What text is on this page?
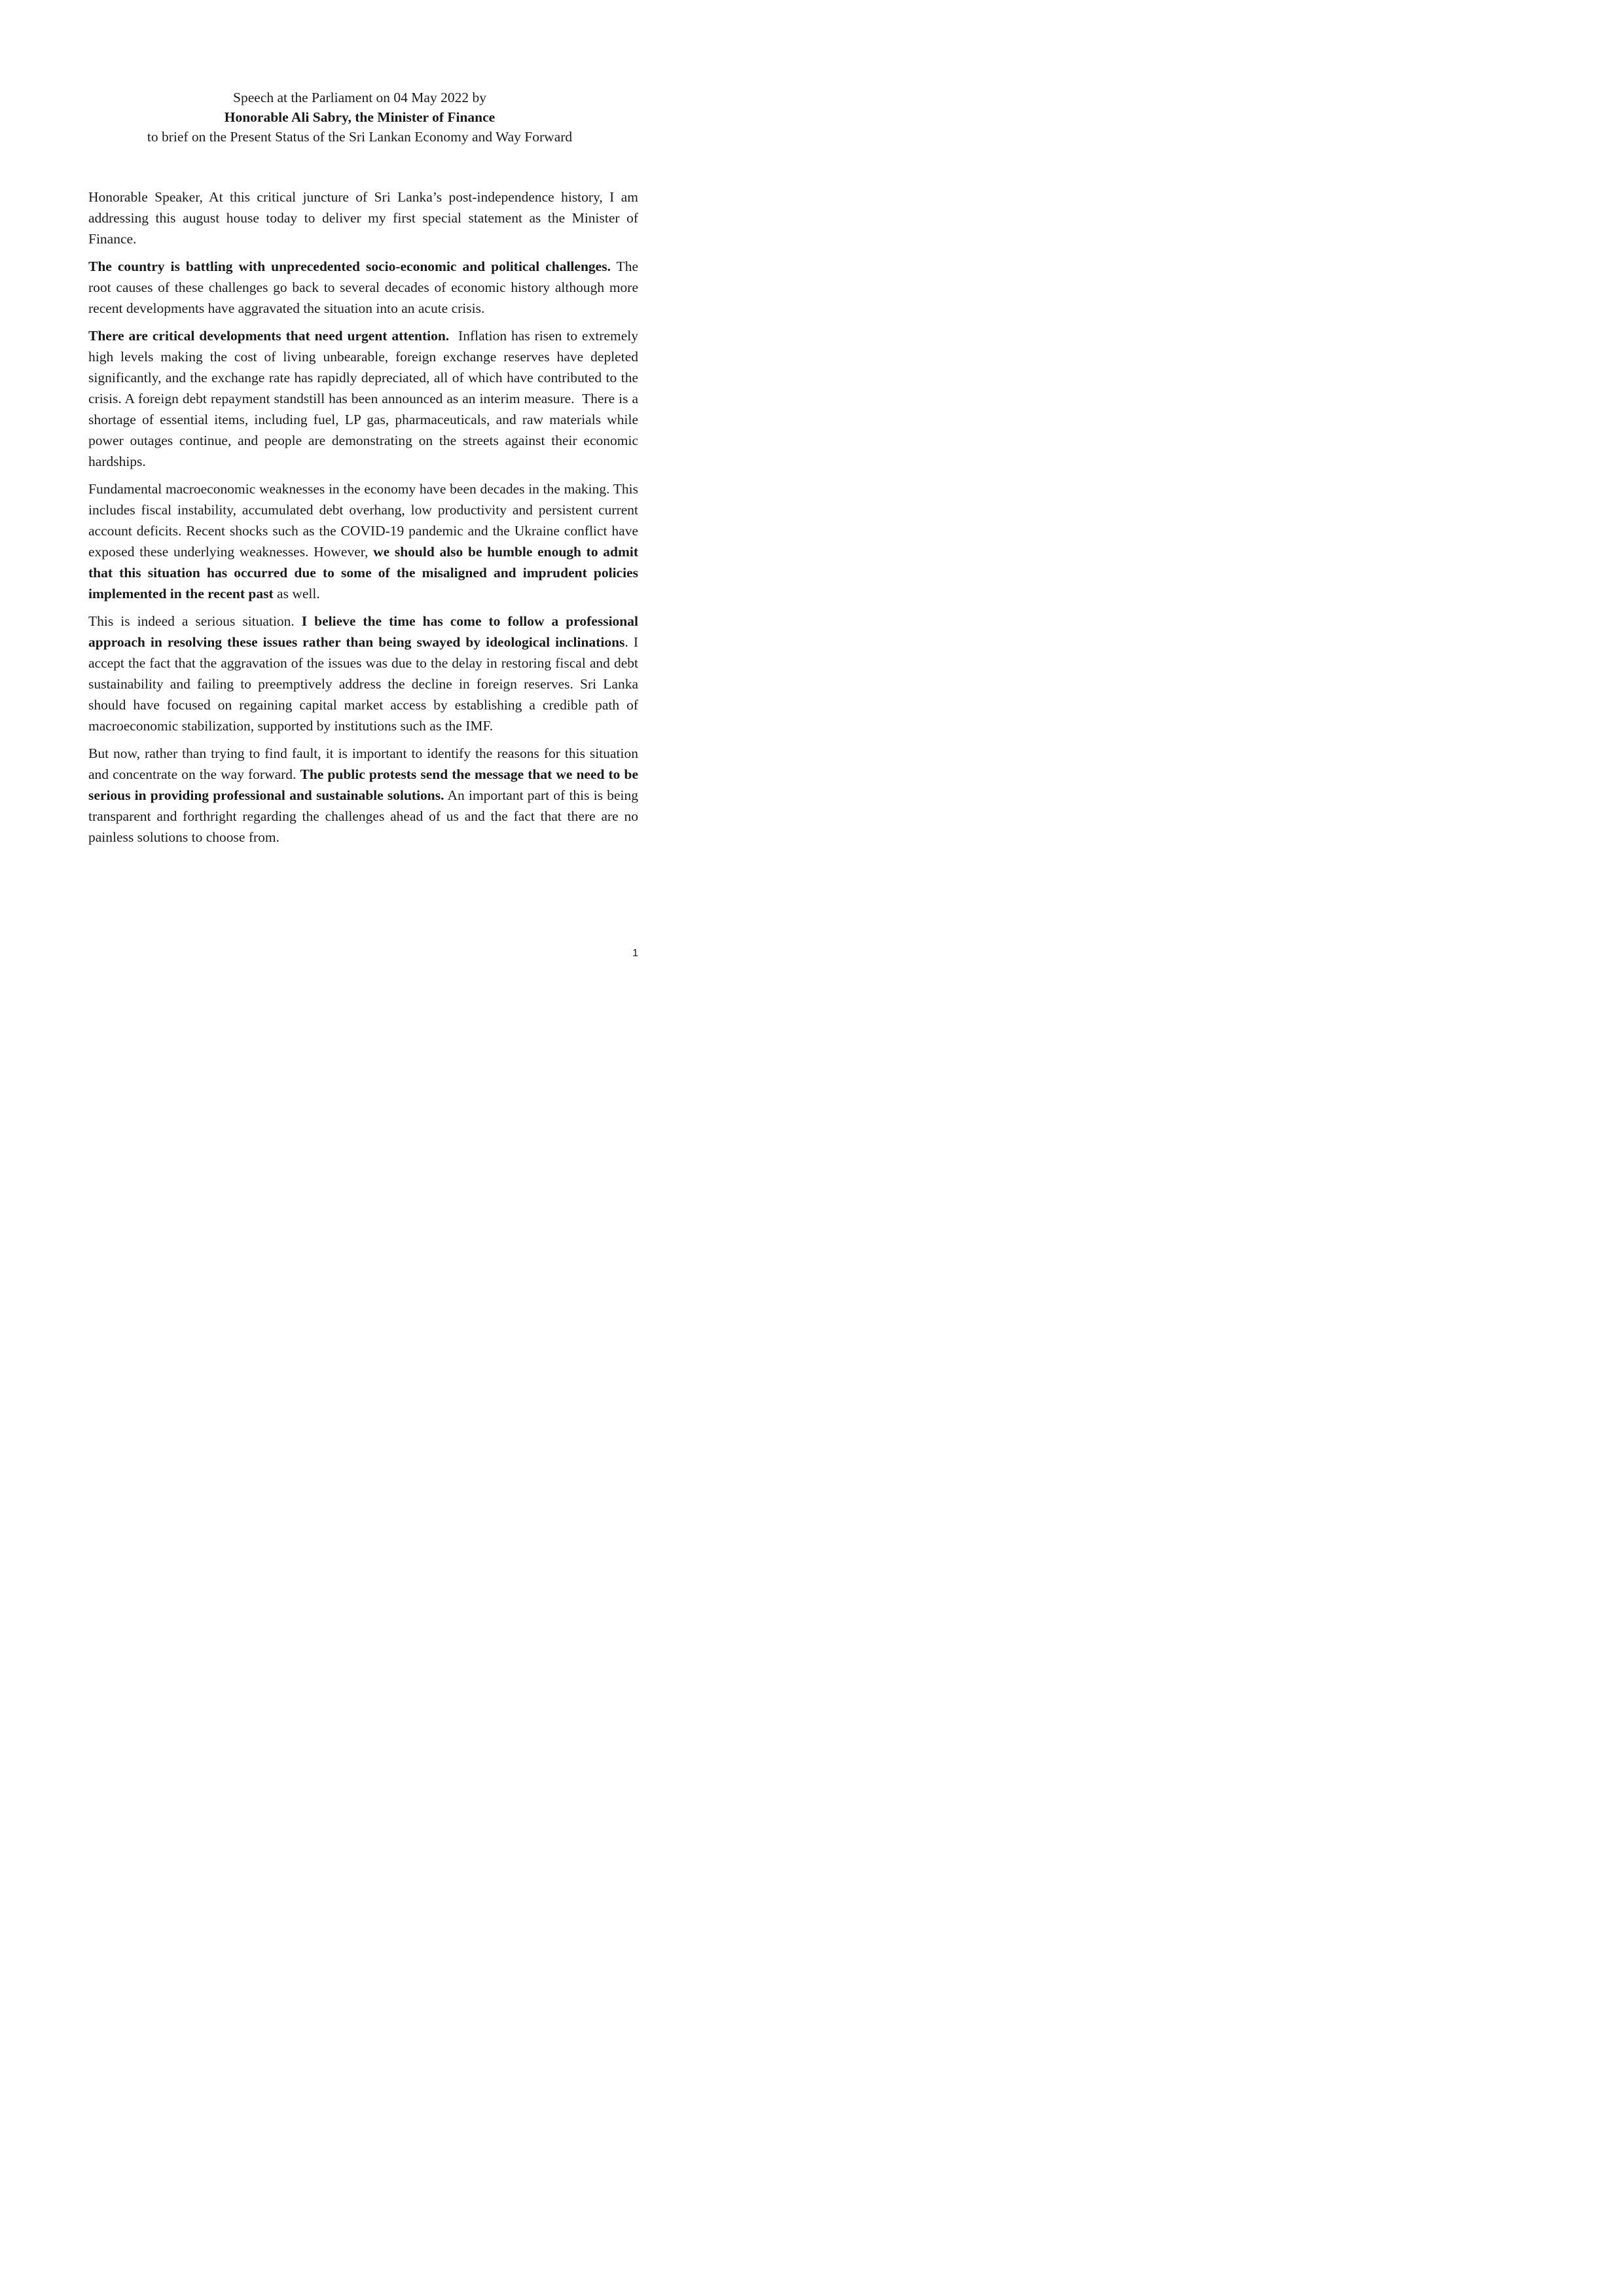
Speech at the Parliament on 04 May 2022 by
Honorable Ali Sabry, the Minister of Finance
to brief on the Present Status of the Sri Lankan Economy and Way Forward

Honorable Speaker, At this critical juncture of Sri Lanka’s post-independence history, I am addressing this august house today to deliver my first special statement as the Minister of Finance.

The country is battling with unprecedented socio-economic and political challenges. The root causes of these challenges go back to several decades of economic history although more recent developments have aggravated the situation into an acute crisis.

There are critical developments that need urgent attention.  Inflation has risen to extremely high levels making the cost of living unbearable, foreign exchange reserves have depleted significantly, and the exchange rate has rapidly depreciated, all of which have contributed to the crisis. A foreign debt repayment standstill has been announced as an interim measure.  There is a shortage of essential items, including fuel, LP gas, pharmaceuticals, and raw materials while power outages continue, and people are demonstrating on the streets against their economic hardships.

Fundamental macroeconomic weaknesses in the economy have been decades in the making. This includes fiscal instability, accumulated debt overhang, low productivity and persistent current account deficits. Recent shocks such as the COVID-19 pandemic and the Ukraine conflict have exposed these underlying weaknesses. However, we should also be humble enough to admit that this situation has occurred due to some of the misaligned and imprudent policies implemented in the recent past as well.

This is indeed a serious situation. I believe the time has come to follow a professional approach in resolving these issues rather than being swayed by ideological inclinations. I accept the fact that the aggravation of the issues was due to the delay in restoring fiscal and debt sustainability and failing to preemptively address the decline in foreign reserves. Sri Lanka should have focused on regaining capital market access by establishing a credible path of macroeconomic stabilization, supported by institutions such as the IMF.

But now, rather than trying to find fault, it is important to identify the reasons for this situation and concentrate on the way forward. The public protests send the message that we need to be serious in providing professional and sustainable solutions. An important part of this is being transparent and forthright regarding the challenges ahead of us and the fact that there are no painless solutions to choose from.

1
